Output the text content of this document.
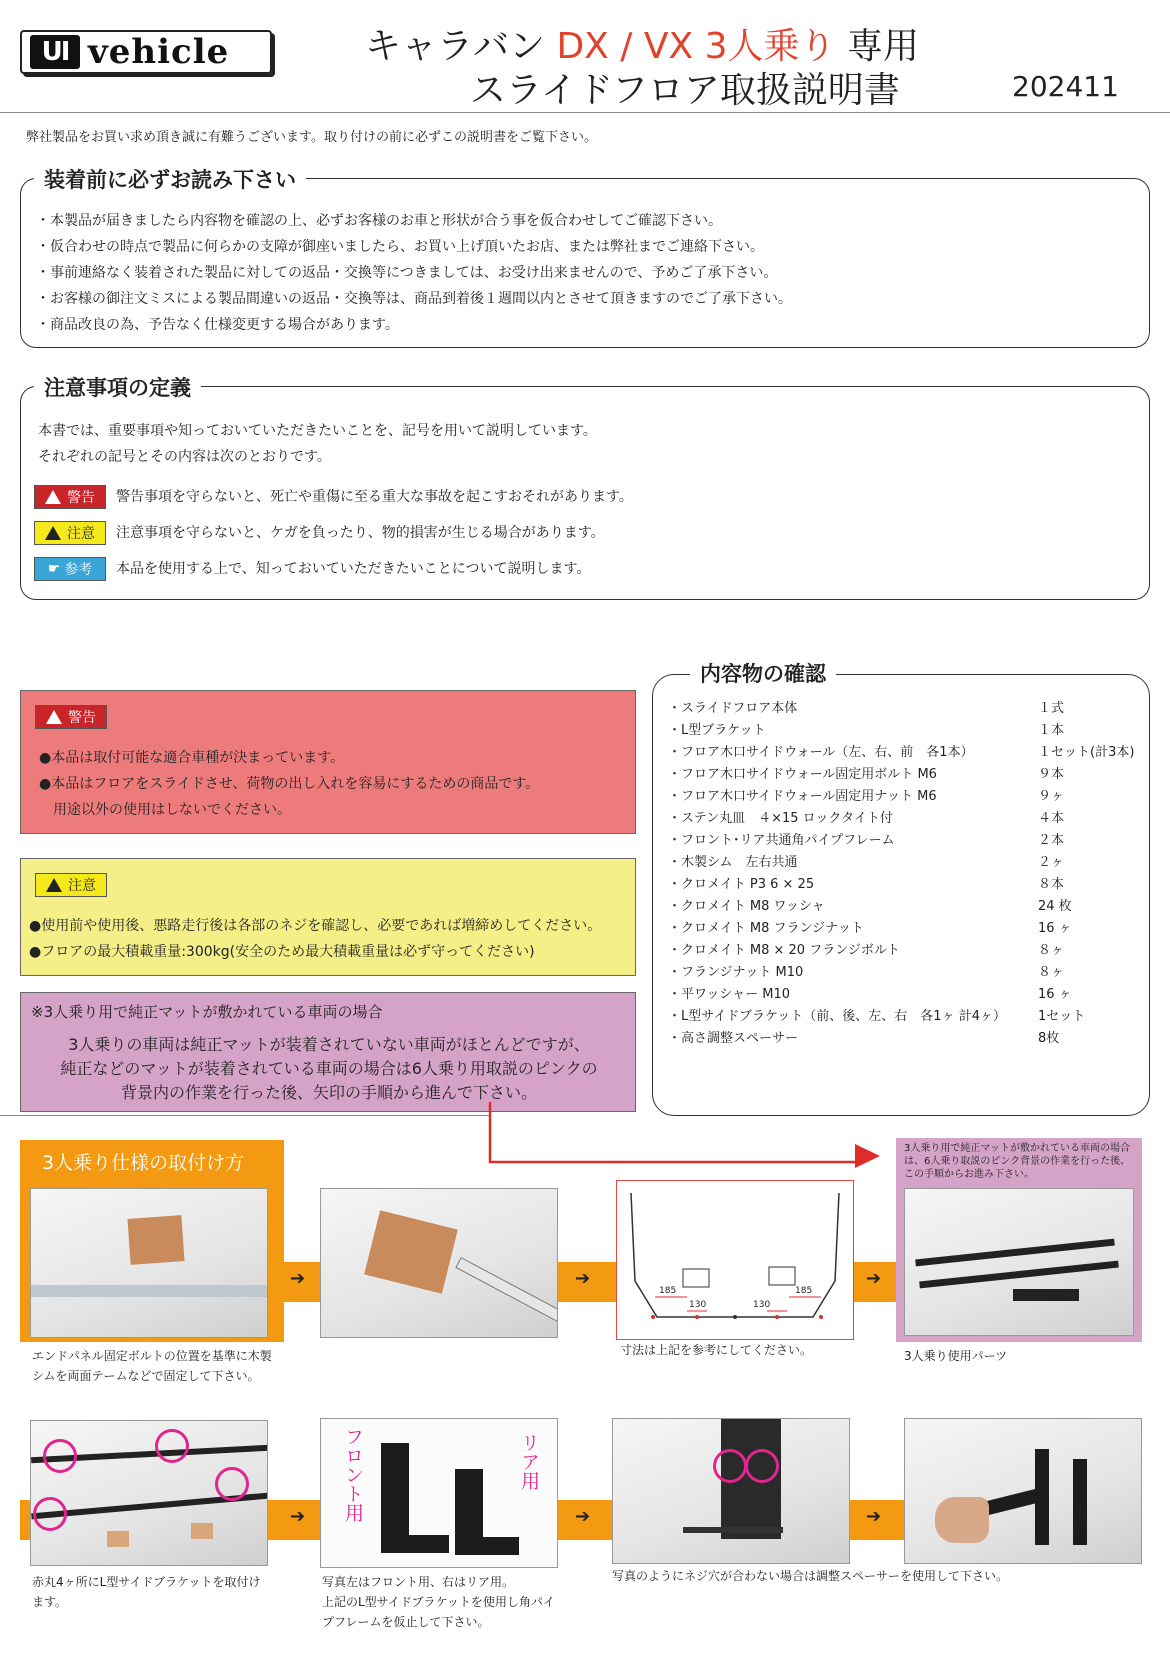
UI vehicle	キャラバン DX / VX 3人乗り 専用
スライドフロア取扱説明書	202411
弊社製品をお買い求め頂き誠に有難うございます。取り付けの前に必ずこの説明書をご覧下さい。
装着前に必ずお読み下さい
・本製品が届きましたら内容物を確認の上、必ずお客様のお車と形状が合う事を仮合わせしてご確認下さい。
・仮合わせの時点で製品に何らかの支障が御座いましたら、お買い上げ頂いたお店、または弊社までご連絡下さい。
・事前連絡なく装着された製品に対しての返品・交換等につきましては、お受け出来ませんので、予めご了承下さい。
・お客様の御注文ミスによる製品間違いの返品・交換等は、商品到着後１週間以内とさせて頂きますのでご了承下さい。
・商品改良の為、予告なく仕様変更する場合があります。
注意事項の定義
本書では、重要事項や知っておいていただきたいことを、記号を用いて説明しています。
それぞれの記号とその内容は次のとおりです。
警告 警告事項を守らないと、死亡や重傷に至る重大な事故を起こすおそれがあります。
注意 注意事項を守らないと、ケガを負ったり、物的損害が生じる場合があります。
☛ 参考 本品を使用する上で、知っておいていただきたいことについて説明します。
警告
●本品は取付可能な適合車種が決まっています。
●本品はフロアをスライドさせ、荷物の出し入れを容易にするための商品です。
　用途以外の使用はしないでください。
注意
●使用前や使用後、悪路走行後は各部のネジを確認し、必要であれば増締めしてください。
●フロアの最大積載重量:300kg(安全のため最大積載重量は必ず守ってください)
※3人乗り用で純正マットが敷かれている車両の場合
3人乗りの車両は純正マットが装着されていない車両がほとんどですが、
純正などのマットが装着されている車両の場合は6人乗り用取説のピンクの
背景内の作業を行った後、矢印の手順から進んで下さい。
内容物の確認
・スライドフロア本体	１式
・L型ブラケット	１本
・フロア木口サイドウォール（左、右、前　各1本）	１セット(計3本)
・フロア木口サイドウォール固定用ボルト M6	９本
・フロア木口サイドウォール固定用ナット M6	９ヶ
・ステン丸皿　４×15 ロックタイト付	４本
・フロント･リア共通角パイプフレーム	２本
・木製シム　左右共通	２ヶ
・クロメイト P3 6 × 25	８本
・クロメイト M8 ワッシャ	24 枚
・クロメイト M8 フランジナット	16 ヶ
・クロメイト M8 × 20 フランジボルト	８ヶ
・フランジナット M10	８ヶ
・平ワッシャー M10	16 ヶ
・L型サイドブラケット（前、後、左、右　各1ヶ 計4ヶ） 1セット
・高さ調整スペーサー	8枚
3人乗り仕様の取付け方
➔	➔
185
130	130
185
➔
3人乗り用で純正マットが敷かれている車両の場合は、6人乗り取説のピンク背景の作業を行った後、この手順からお進み下さい。
エンドパネル固定ボルトの位置を基準に木製
シムを両面テームなどで固定して下さい。
寸法は上記を参考にしてください。	3人乗り使用パーツ
➔	フロント用	リア用
➔	➔
赤丸4ヶ所にL型サイドブラケットを取付け
ます。
写真左はフロント用、右はリア用。
上記のL型サイドブラケットを使用し角パイ
プフレームを仮止して下さい。
写真のようにネジ穴が合わない場合は調整スペーサーを使用して下さい。
